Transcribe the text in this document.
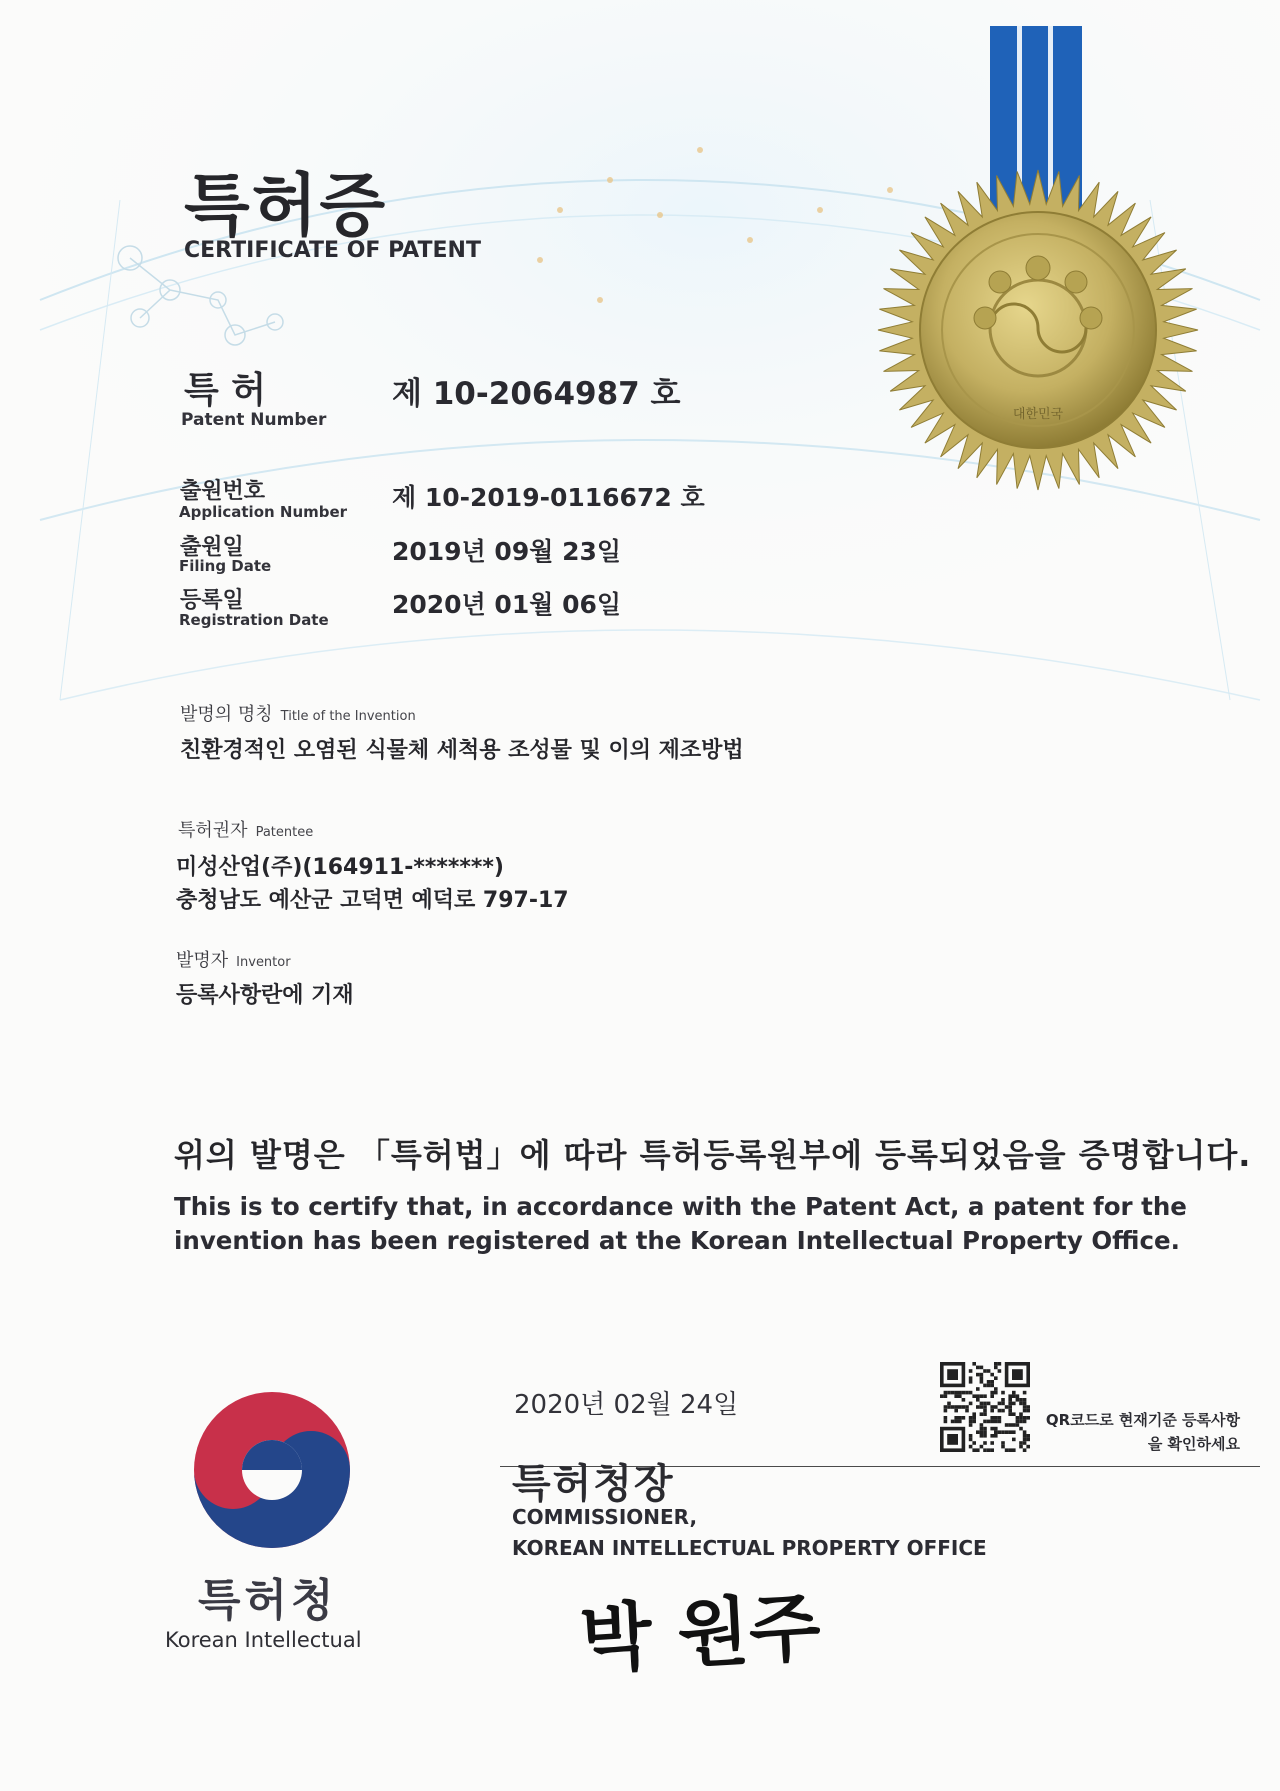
대한민국
특허증
CERTIFICATE OF PATENT
특 허
Patent Number
제 10-2064987 호
출원번호
Application Number 제 10-2019-0116672 호
출원일
Filing Date	2019년 09월 23일
등록일
Registration Date
2020년 01월 06일
발명의 명칭 Title of the Invention
친환경적인 오염된 식물체 세척용 조성물 및 이의 제조방법
특허권자 Patentee
미성산업(주)(164911-*******)
충청남도 예산군 고덕면 예덕로 797-17
발명자 Inventor
등록사항란에 기재
위의 발명은 「특허법」에 따라 특허등록원부에 등록되었음을 증명합니다.
This is to certify that, in accordance with the Patent Act, a patent for the invention has been registered at the Korean Intellectual Property Office.
2020년 02월 24일
특허청장
COMMISSIONER,
KOREAN INTELLECTUAL PROPERTY OFFICE
박 원주
특허청
Korean Intellectual
QR코드로 현재기준 등록사항을 확인하세요
